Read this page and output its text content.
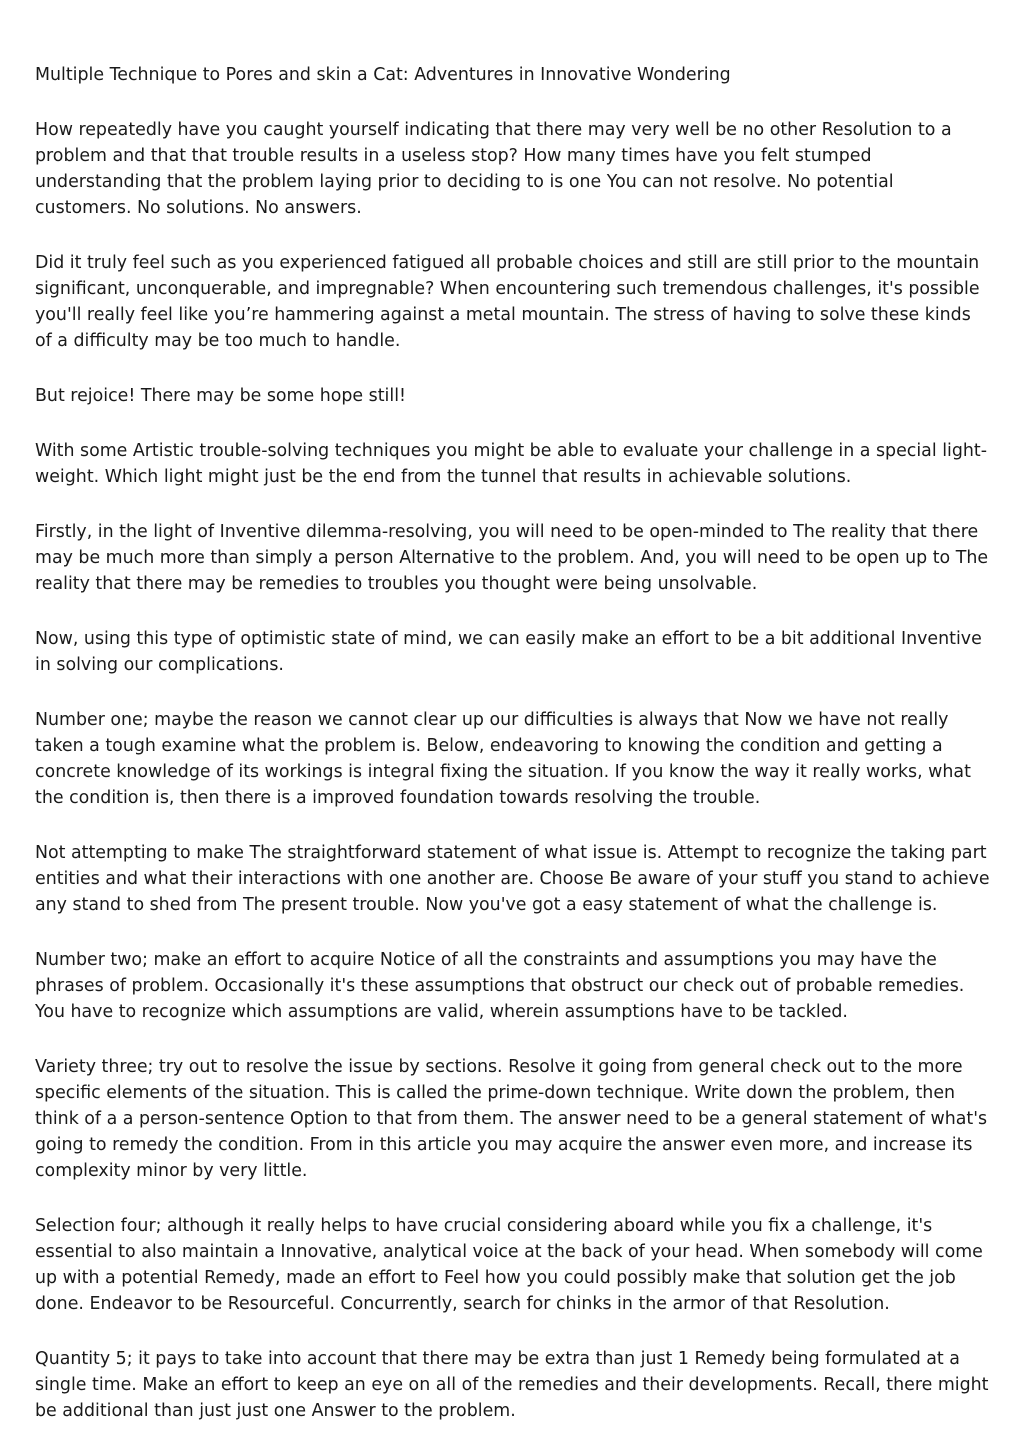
Multiple Technique to Pores and skin a Cat: Adventures in Innovative Wondering

How repeatedly have you caught yourself indicating that there may very well be no other Resolution to a problem and that that trouble results in a useless stop? How many times have you felt stumped understanding that the problem laying prior to deciding to is one You can not resolve. No potential customers. No solutions. No answers.

Did it truly feel such as you experienced fatigued all probable choices and still are still prior to the mountain significant, unconquerable, and impregnable? When encountering such tremendous challenges, it's possible you'll really feel like you’re hammering against a metal mountain. The stress of having to solve these kinds of a difficulty may be too much to handle.

But rejoice! There may be some hope still!

With some Artistic trouble-solving techniques you might be able to evaluate your challenge in a special light-weight. Which light might just be the end from the tunnel that results in achievable solutions.

Firstly, in the light of Inventive dilemma-resolving, you will need to be open-minded to The reality that there may be much more than simply a person Alternative to the problem. And, you will need to be open up to The reality that there may be remedies to troubles you thought were being unsolvable.

Now, using this type of optimistic state of mind, we can easily make an effort to be a bit additional Inventive in solving our complications.

Number one; maybe the reason we cannot clear up our difficulties is always that Now we have not really taken a tough examine what the problem is. Below, endeavoring to knowing the condition and getting a concrete knowledge of its workings is integral fixing the situation. If you know the way it really works, what the condition is, then there is a improved foundation towards resolving the trouble.

Not attempting to make The straightforward statement of what issue is. Attempt to recognize the taking part entities and what their interactions with one another are. Choose Be aware of your stuff you stand to achieve any stand to shed from The present trouble. Now you've got a easy statement of what the challenge is.

Number two; make an effort to acquire Notice of all the constraints and assumptions you may have the phrases of problem. Occasionally it's these assumptions that obstruct our check out of probable remedies. You have to recognize which assumptions are valid, wherein assumptions have to be tackled.

Variety three; try out to resolve the issue by sections. Resolve it going from general check out to the more specific elements of the situation. This is called the prime-down technique. Write down the problem, then think of a a person-sentence Option to that from them. The answer need to be a general statement of what's going to remedy the condition. From in this article you may acquire the answer even more, and increase its complexity minor by very little.

Selection four; although it really helps to have crucial considering aboard while you fix a challenge, it's essential to also maintain a Innovative, analytical voice at the back of your head. When somebody will come up with a potential Remedy, made an effort to Feel how you could possibly make that solution get the job done. Endeavor to be Resourceful. Concurrently, search for chinks in the armor of that Resolution.

Quantity 5; it pays to take into account that there may be extra than just 1 Remedy being formulated at a single time. Make an effort to keep an eye on all of the remedies and their developments. Recall, there might be additional than just just one Answer to the problem.
